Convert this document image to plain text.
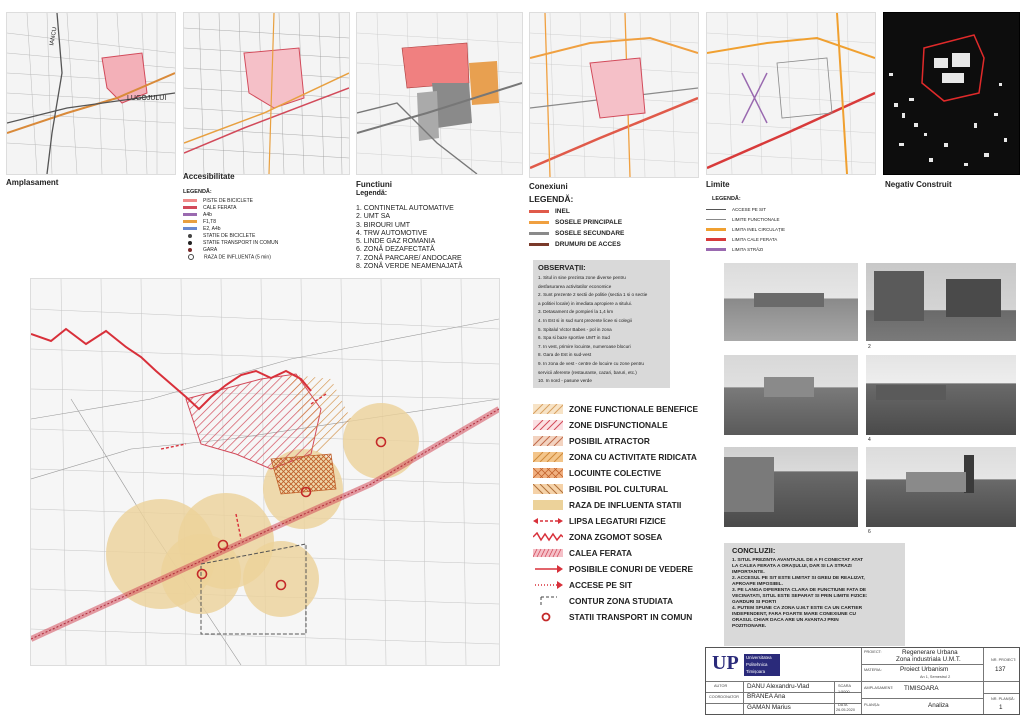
IANCU
LUGOJULUI
Amplasament
Accesibilitate
LEGENDĂ:
PISTE DE BICICLETE
CALE FERATA
A4b
F1,T8
E2, A4b
STATIE DE BICICLETE
STATIE TRANSPORT IN COMUN
GARA
RAZA DE INFLUENTA (5 min)
Functiuni
Legendă:
1. CONTINETAL AUTOMATIVE
2. UMT SA
3. BIROURI UMT
4. TRW AUTOMOTIVE
5. LINDE GAZ ROMANIA
6. ZONĂ DEZAFECTATĂ
7. ZONĂ PARCARE/ ANDOCARE
8. ZONĂ VERDE NEAMENAJATĂ
Conexiuni
LEGENDĂ:
INEL
SOSELE PRINCIPALE
SOSELE SECUNDARE
DRUMURI DE ACCES
Limite
LEGENDĂ:
ACCESE PE SIT
LIMITE FUNCTIONALE
LIMITA INEL CIRCULAȚIE
LIMITA CALE FERATA
LIMITA STRĂZI
Negativ Construit
OBSERVAȚII:
1. Situl in sine prezinta zone diverse pentru
desfasurarea activitatilor economice
2. Sunt prezente 2 sectii de politie (sectia 1 si o sectie
a politiei locale) in imediata apropiere a sitului.
3. Detasament de pompieri la 1,4 km
4. In Est si in sud sunt prezente licee si colegii
5. Spitalul Victor Babes - pol in zona
6. Spa si baze sportive UMT in Sud
7. In vest, primire locuinte, numeroase blocuri
8. Gara de Est in sud-vest
9. In zona de vest - centre de locuire cu zone pentru
servicii aferente (restaurante, cazari, baruri, etc.)
10. In nord - pasune verde
ZONE FUNCTIONALE BENEFICE
ZONE DISFUNCTIONALE
POSIBIL ATRACTOR
ZONA CU ACTIVITATE RIDICATA
LOCUINTE COLECTIVE
POSIBIL POL CULTURAL
RAZA DE INFLUENTA STATII
LIPSA LEGATURI FIZICE
ZONA ZGOMOT SOSEA
CALEA FERATA
POSIBILE CONURI DE VEDERE
ACCESE PE SIT
CONTUR ZONA STUDIATA
STATII TRANSPORT IN COMUN
2
4
6
CONCLUZII:
1. SITUL PREZINTA AVANTAJUL DE A FI CONECTAT ATAT
LA CALEA FERATA A ORAȘULUI, DAR SI LA STRAZI
IMPORTANTE.
2. ACCESUL PE SIT ESTE LIMITAT SI GREU DE REALIZAT,
APROAPE IMPOSIBIL.
3. PE LANGA DIFERENTA CLARA DE FUNCTIUNE FATA DE
VECINATATI, SITUL ESTE SEPARAT SI PRIN LIMITE FIZICE:
GARDURI SI PORTI
4. PUTEM SPUNE CA ZONA U.M.T ESTE CA UN CARTIER
INDEPENDENT, FARA FOARTE MARE CONEXIUNE CU
ORASUL CHIAR DACA ARE UN AVANTAJ PRIN
POZITIONARE.
UP Universitatea
Politehnica
Timișoara
PROIECT:	Regenerare Urbana
Zona industriala U.M.T.
MATERIA:	Proiect Urbanism
An 1, Semestrul 2
NR. PROIECT:
137
AUTOR
COORDONATOR
DANU Alexandru-Vlad
BRANEA Ana
GAMAN Marius
SCARA
1:5000
DATA
26.05.2020
AMPLASAMENT: TIMISOARA
PLANȘA:	Analiza
NR. PLANȘĂ:
1
